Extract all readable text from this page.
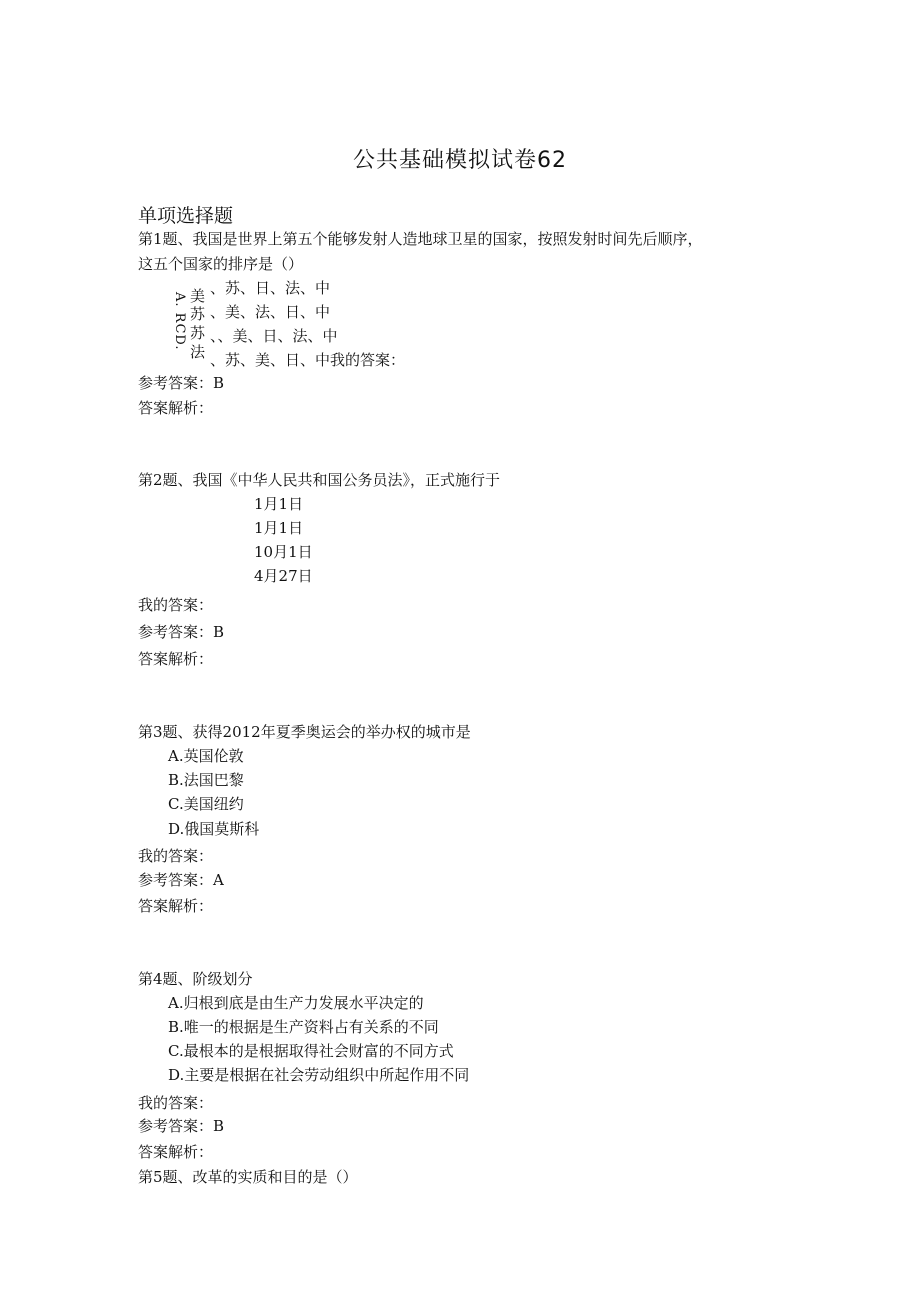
公共基础模拟试卷62
单项选择题
第1题、我国是世界上第五个能够发射人造地球卫星的国家，按照发射时间先后顺序，
这五个国家的排序是（）
A. RCD. 美
苏
苏
法
、苏、日、法、中
、美、法、日、中
、、美、日、法、中
、苏、美、日、中我的答案：
参考答案：B
答案解析：
第2题、我国《中华人民共和国公务员法》，正式施行于
1月1日
1月1日
10月1日
4月27日
我的答案：
参考答案：B
答案解析：
第3题、获得2012年夏季奥运会的举办权的城市是
A.英国伦敦
B.法国巴黎
C.美国纽约
D.俄国莫斯科
我的答案：
参考答案：A
答案解析：
第4题、阶级划分
A.归根到底是由生产力发展水平决定的
B.唯一的根据是生产资料占有关系的不同
C.最根本的是根据取得社会财富的不同方式
D.主要是根据在社会劳动组织中所起作用不同
我的答案：
参考答案：B
答案解析：
第5题、改革的实质和目的是（）
